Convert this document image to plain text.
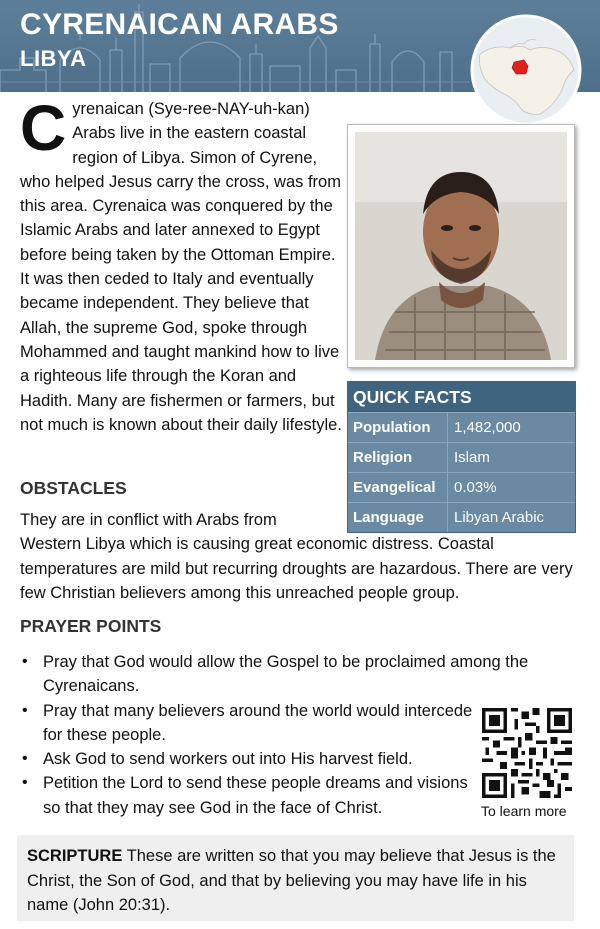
CYRENAICAN ARABS
LIBYA
Cyrenaican (Sye-ree-NAY-uh-kan) Arabs live in the eastern coastal region of Libya. Simon of Cyrene, who helped Jesus carry the cross, was from this area. Cyrenaica was conquered by the Islamic Arabs and later annexed to Egypt before being taken by the Ottoman Empire. It was then ceded to Italy and eventually became independent. They believe that Allah, the supreme God, spoke through Mohammed and taught mankind how to live a righteous life through the Koran and Hadith. Many are fishermen or farmers, but not much is known about their daily lifestyle.
QUICK FACTS
Population	1,482,000
Religion	Islam
Evangelical	0.03%
Language	Libyan Arabic
OBSTACLES
They are in conflict with Arabs from
Western Libya which is causing great economic distress. Coastal temperatures are mild but recurring droughts are hazardous. There are very few Christian believers among this unreached people group.
PRAYER POINTS
• Pray that God would allow the Gospel to be proclaimed among the Cyrenaicans.
• Pray that many believers around the world would intercede for these people.
• Ask God to send workers out into His harvest field.
• Petition the Lord to send these people dreams and visions so that they may see God in the face of Christ.	To learn more

SCRIPTURE These are written so that you may believe that Jesus is the Christ, the Son of God, and that by believing you may have life in his name (John 20:31).
